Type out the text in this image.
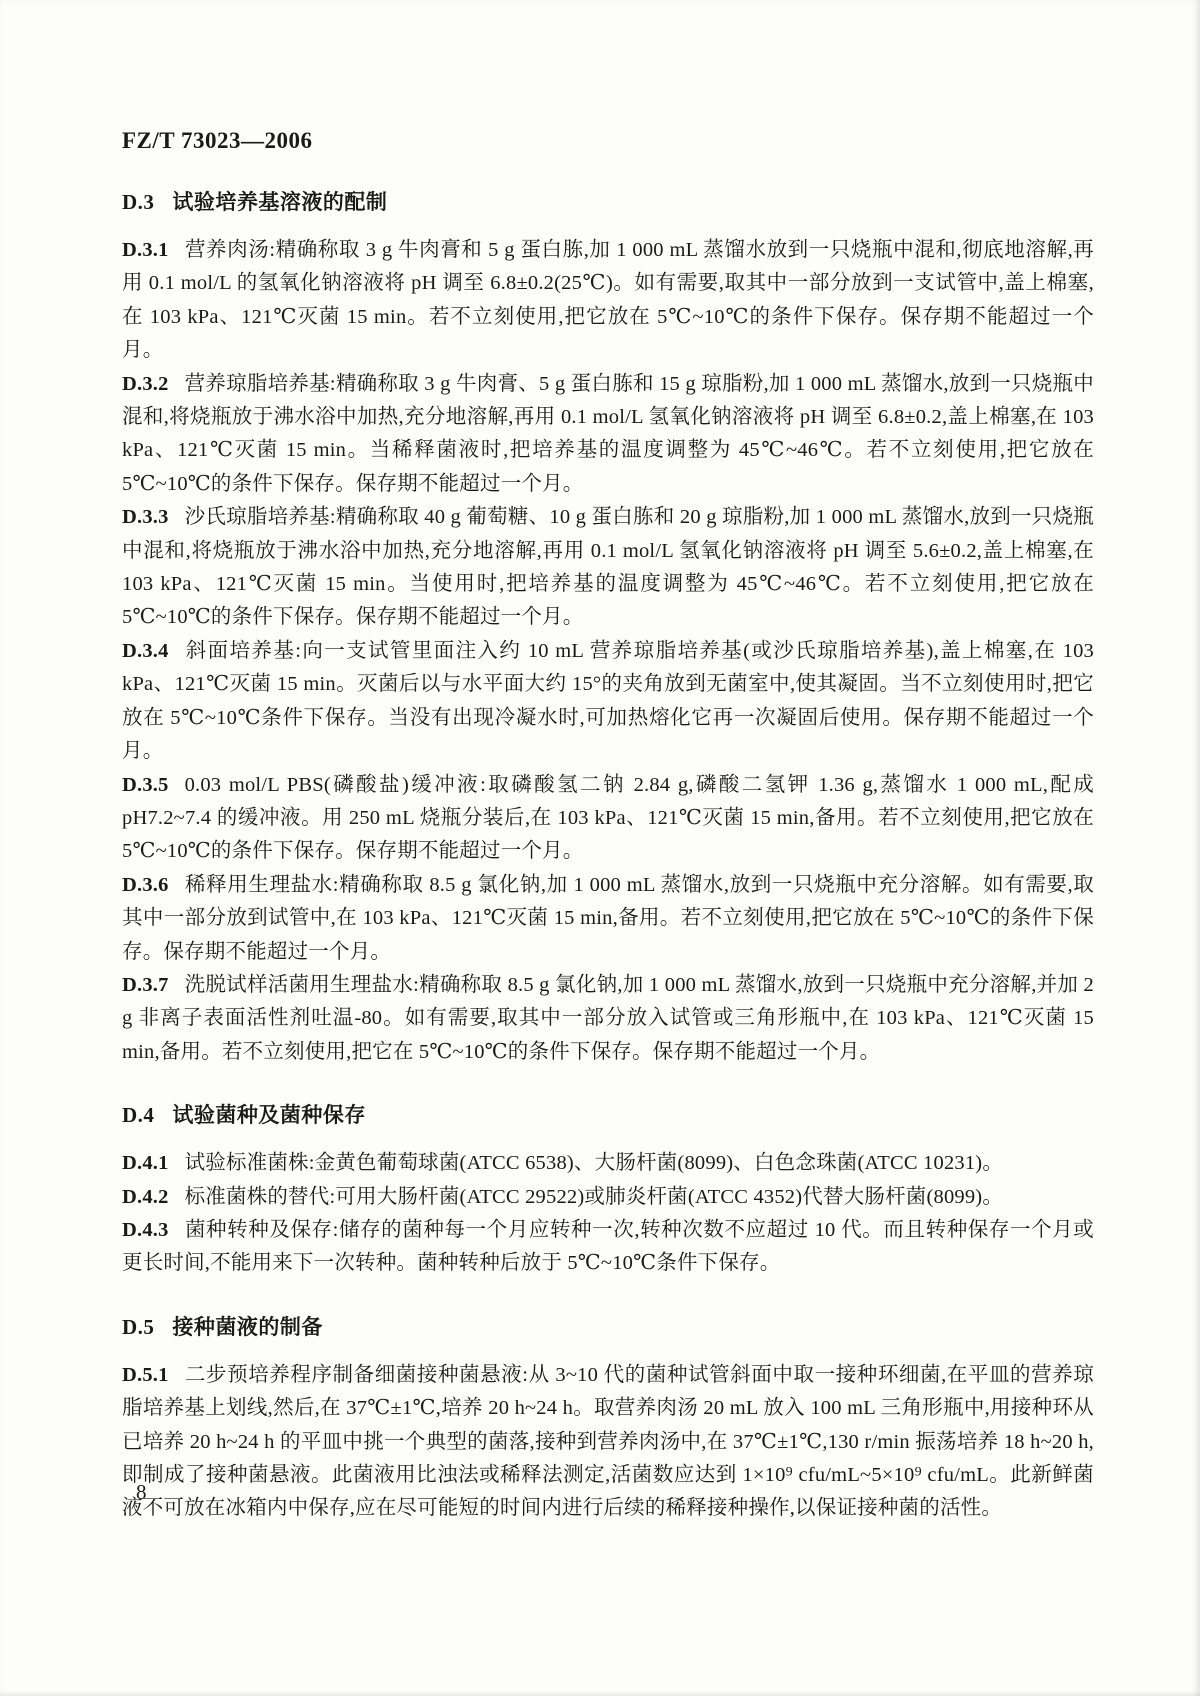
FZ/T 73023—2006
D.3 试验培养基溶液的配制

D.3.1 营养肉汤:精确称取 3 g 牛肉膏和 5 g 蛋白胨,加 1 000 mL 蒸馏水放到一只烧瓶中混和,彻底地溶解,再用 0.1 mol/L 的氢氧化钠溶液将 pH 调至 6.8±0.2(25℃)。如有需要,取其中一部分放到一支试管中,盖上棉塞,在 103 kPa、121℃灭菌 15 min。若不立刻使用,把它放在 5℃~10℃的条件下保存。保存期不能超过一个月。

D.3.2 营养琼脂培养基:精确称取 3 g 牛肉膏、5 g 蛋白胨和 15 g 琼脂粉,加 1 000 mL 蒸馏水,放到一只烧瓶中混和,将烧瓶放于沸水浴中加热,充分地溶解,再用 0.1 mol/L 氢氧化钠溶液将 pH 调至 6.8±0.2,盖上棉塞,在 103 kPa、121℃灭菌 15 min。当稀释菌液时,把培养基的温度调整为 45℃~46℃。若不立刻使用,把它放在 5℃~10℃的条件下保存。保存期不能超过一个月。

D.3.3 沙氏琼脂培养基:精确称取 40 g 葡萄糖、10 g 蛋白胨和 20 g 琼脂粉,加 1 000 mL 蒸馏水,放到一只烧瓶中混和,将烧瓶放于沸水浴中加热,充分地溶解,再用 0.1 mol/L 氢氧化钠溶液将 pH 调至 5.6±0.2,盖上棉塞,在 103 kPa、121℃灭菌 15 min。当使用时,把培养基的温度调整为 45℃~46℃。若不立刻使用,把它放在 5℃~10℃的条件下保存。保存期不能超过一个月。

D.3.4 斜面培养基:向一支试管里面注入约 10 mL 营养琼脂培养基(或沙氏琼脂培养基),盖上棉塞,在 103 kPa、121℃灭菌 15 min。灭菌后以与水平面大约 15°的夹角放到无菌室中,使其凝固。当不立刻使用时,把它放在 5℃~10℃条件下保存。当没有出现冷凝水时,可加热熔化它再一次凝固后使用。保存期不能超过一个月。

D.3.5 0.03 mol/L PBS(磷酸盐)缓冲液:取磷酸氢二钠 2.84 g,磷酸二氢钾 1.36 g,蒸馏水 1 000 mL,配成 pH7.2~7.4 的缓冲液。用 250 mL 烧瓶分装后,在 103 kPa、121℃灭菌 15 min,备用。若不立刻使用,把它放在 5℃~10℃的条件下保存。保存期不能超过一个月。

D.3.6 稀释用生理盐水:精确称取 8.5 g 氯化钠,加 1 000 mL 蒸馏水,放到一只烧瓶中充分溶解。如有需要,取其中一部分放到试管中,在 103 kPa、121℃灭菌 15 min,备用。若不立刻使用,把它放在 5℃~10℃的条件下保存。保存期不能超过一个月。

D.3.7 洗脱试样活菌用生理盐水:精确称取 8.5 g 氯化钠,加 1 000 mL 蒸馏水,放到一只烧瓶中充分溶解,并加 2 g 非离子表面活性剂吐温-80。如有需要,取其中一部分放入试管或三角形瓶中,在 103 kPa、121℃灭菌 15 min,备用。若不立刻使用,把它在 5℃~10℃的条件下保存。保存期不能超过一个月。

D.4 试验菌种及菌种保存

D.4.1 试验标准菌株:金黄色葡萄球菌(ATCC 6538)、大肠杆菌(8099)、白色念珠菌(ATCC 10231)。

D.4.2 标准菌株的替代:可用大肠杆菌(ATCC 29522)或肺炎杆菌(ATCC 4352)代替大肠杆菌(8099)。

D.4.3 菌种转种及保存:储存的菌种每一个月应转种一次,转种次数不应超过 10 代。而且转种保存一个月或更长时间,不能用来下一次转种。菌种转种后放于 5℃~10℃条件下保存。

D.5 接种菌液的制备

D.5.1 二步预培养程序制备细菌接种菌悬液:从 3~10 代的菌种试管斜面中取一接种环细菌,在平皿的营养琼脂培养基上划线,然后,在 37℃±1℃,培养 20 h~24 h。取营养肉汤 20 mL 放入 100 mL 三角形瓶中,用接种环从已培养 20 h~24 h 的平皿中挑一个典型的菌落,接种到营养肉汤中,在 37℃±1℃,130 r/min 振荡培养 18 h~20 h,即制成了接种菌悬液。此菌液用比浊法或稀释法测定,活菌数应达到 1×10⁹ cfu/mL~5×10⁹ cfu/mL。此新鲜菌液不可放在冰箱内中保存,应在尽可能短的时间内进行后续的稀释接种操作,以保证接种菌的活性。

8
